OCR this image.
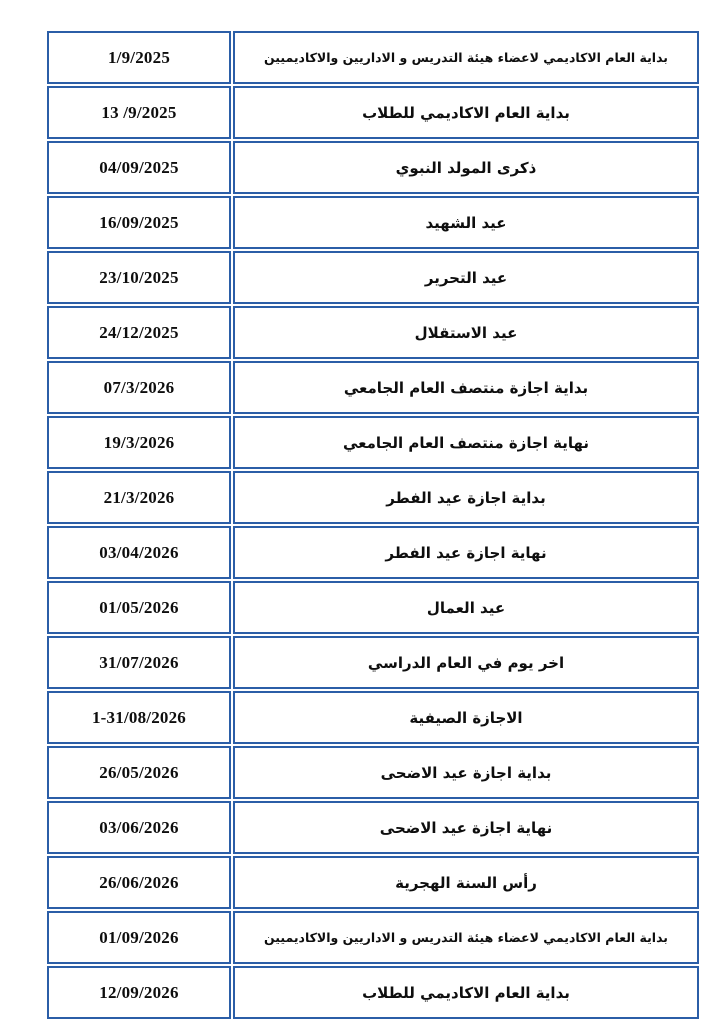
1/9/2025	بداية العام الاكاديمي لاعضاء هيئة التدريس و الاداريين والاكاديميين
13 /9/2025	بداية العام الاكاديمي للطلاب
04/09/2025	ذكرى المولد النبوي
16/09/2025	عيد الشهيد
23/10/2025	عيد التحرير
24/12/2025	عيد الاستقلال
07/3/2026	بداية اجازة منتصف العام الجامعي
19/3/2026	نهاية اجازة منتصف العام الجامعي
21/3/2026	بداية اجازة عيد الفطر
03/04/2026	نهاية اجازة عيد الفطر
01/05/2026	عيد العمال
31/07/2026	اخر يوم في العام الدراسي
1-31/08/2026	الاجازة الصيفية
26/05/2026	بداية اجازة عيد الاضحى
03/06/2026	نهاية اجازة عيد الاضحى
26/06/2026	رأس السنة الهجرية
01/09/2026	بداية العام الاكاديمي لاعضاء هيئة التدريس و الاداريين والاكاديميين
12/09/2026	بداية العام الاكاديمي للطلاب
